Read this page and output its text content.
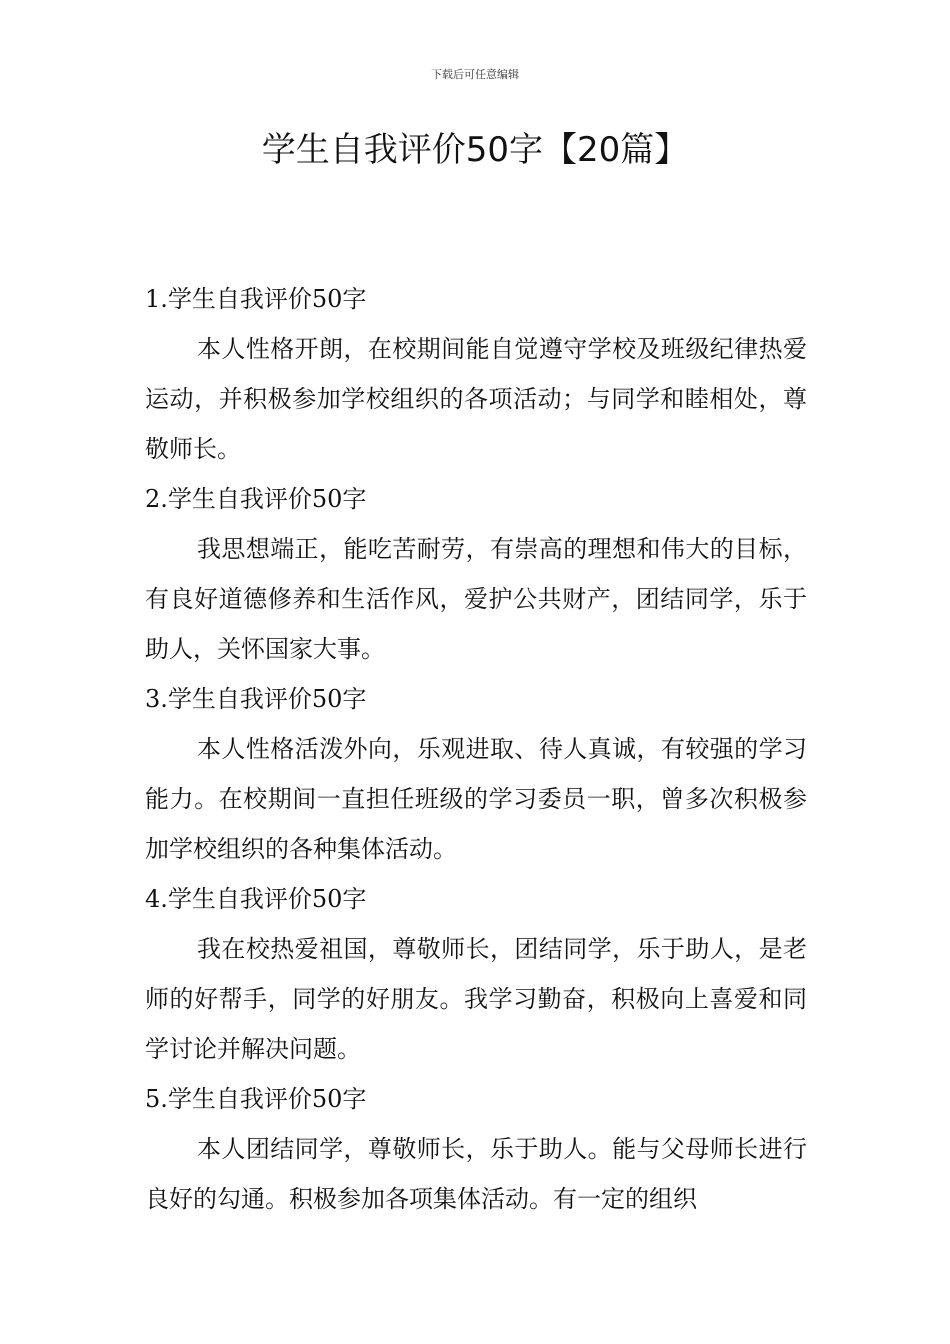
下载后可任意编辑
学生自我评价50字【20篇】
1.学生自我评价50字

本人性格开朗，在校期间能自觉遵守学校及班级纪律热爱运动，并积极参加学校组织的各项活动；与同学和睦相处，尊敬师长。

2.学生自我评价50字

我思想端正，能吃苦耐劳，有崇高的理想和伟大的目标，有良好道德修养和生活作风，爱护公共财产，团结同学，乐于助人，关怀国家大事。

3.学生自我评价50字

本人性格活泼外向，乐观进取、待人真诚，有较强的学习能力。在校期间一直担任班级的学习委员一职，曾多次积极参加学校组织的各种集体活动。

4.学生自我评价50字

我在校热爱祖国，尊敬师长，团结同学，乐于助人，是老师的好帮手，同学的好朋友。我学习勤奋，积极向上喜爱和同学讨论并解决问题。

5.学生自我评价50字

本人团结同学，尊敬师长，乐于助人。能与父母师长进行良好的勾通。积极参加各项集体活动。有一定的组织
